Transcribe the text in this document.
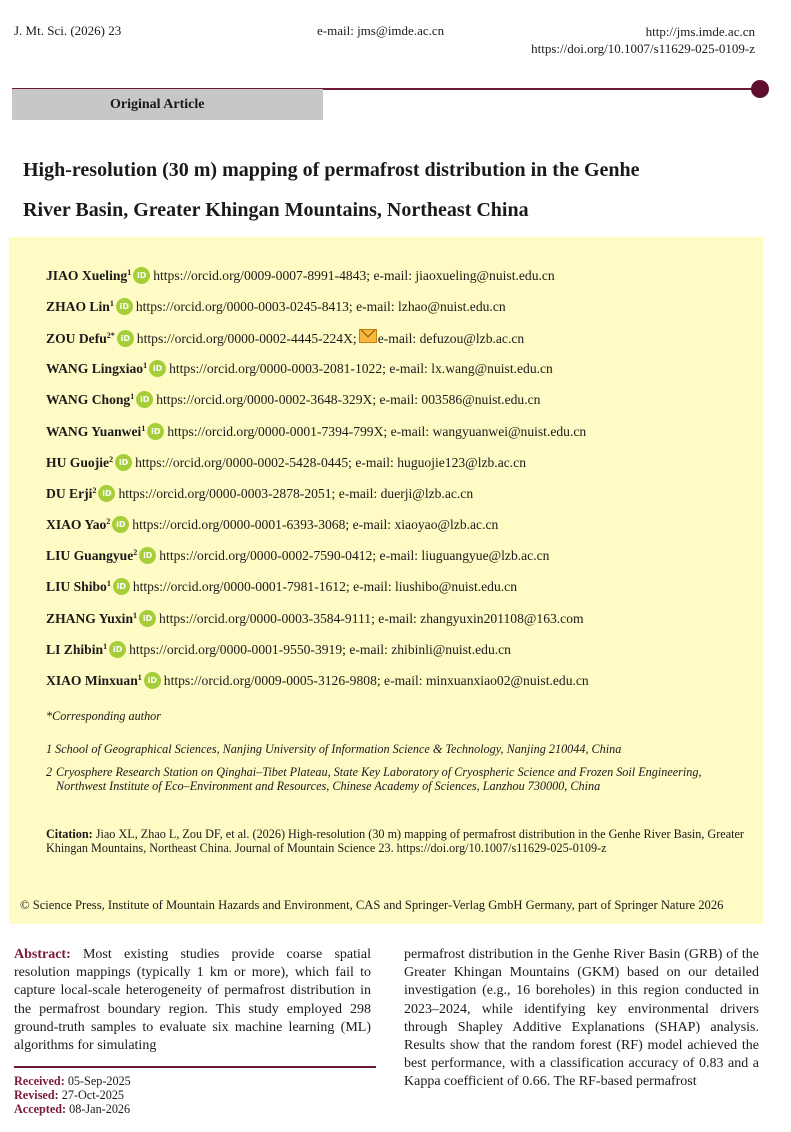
J. Mt. Sci. (2026) 23	e-mail: jms@imde.ac.cn	http://jms.imde.ac.cn
https://doi.org/10.1007/s11629-025-0109-z
Original Article
High-resolution (30 m) mapping of permafrost distribution in the Genhe
River Basin, Greater Khingan Mountains, Northeast China
JIAO Xueling$^1$ iD https://orcid.org/0009-0007-8991-4843; e-mail: jiaoxueling@nuist.edu.cn
ZHAO Lin$^1$ iD https://orcid.org/0000-0003-0245-8413; e-mail: lzhao@nuist.edu.cn
ZOU Defu$^{2*}$ iD https://orcid.org/0000-0002-4445-224X; e-mail: defuzou@lzb.ac.cn
WANG Lingxiao$^1$ iD https://orcid.org/0000-0003-2081-1022; e-mail: lx.wang@nuist.edu.cn
WANG Chong$^1$ iD https://orcid.org/0000-0002-3648-329X; e-mail: 003586@nuist.edu.cn
WANG Yuanwei$^1$ iD https://orcid.org/0000-0001-7394-799X; e-mail: wangyuanwei@nuist.edu.cn
HU Guojie$^2$ iD https://orcid.org/0000-0002-5428-0445; e-mail: huguojie123@lzb.ac.cn
DU Erji$^2$ iD https://orcid.org/0000-0003-2878-2051; e-mail: duerji@lzb.ac.cn
XIAO Yao$^2$ iD https://orcid.org/0000-0001-6393-3068; e-mail: xiaoyao@lzb.ac.cn
LIU Guangyue$^2$ iD https://orcid.org/0000-0002-7590-0412; e-mail: liuguangyue@lzb.ac.cn
LIU Shibo$^1$ iD https://orcid.org/0000-0001-7981-1612; e-mail: liushibo@nuist.edu.cn
ZHANG Yuxin$^1$ iD https://orcid.org/0000-0003-3584-9111; e-mail: zhangyuxin201108@163.com
LI Zhibin$^1$ iD https://orcid.org/0000-0001-9550-3919; e-mail: zhibinli@nuist.edu.cn
XIAO Minxuan$^1$ iD https://orcid.org/0009-0005-3126-9808; e-mail: minxuanxiao02@nuist.edu.cn
*Corresponding author
1 School of Geographical Sciences, Nanjing University of Information Science & Technology, Nanjing 210044, China
2 Cryosphere Research Station on Qinghai–Tibet Plateau, State Key Laboratory of Cryospheric Science and Frozen Soil Engineering, Northwest Institute of Eco–Environment and Resources, Chinese Academy of Sciences, Lanzhou 730000, China
Citation: Jiao XL, Zhao L, Zou DF, et al. (2026) High-resolution (30 m) mapping of permafrost distribution in the Genhe River Basin, Greater Khingan Mountains, Northeast China. Journal of Mountain Science 23. https://doi.org/10.1007/s11629-025-0109-z
© Science Press, Institute of Mountain Hazards and Environment, CAS and Springer-Verlag GmbH Germany, part of Springer Nature 2026
Abstract: Most existing studies provide coarse spatial resolution mappings (typically 1 km or more), which fail to capture local-scale heterogeneity of permafrost distribution in the permafrost boundary region. This study employed 298 ground-truth samples to evaluate six machine learning (ML) algorithms for simulating
permafrost distribution in the Genhe River Basin (GRB) of the Greater Khingan Mountains (GKM) based on our detailed investigation (e.g., 16 boreholes) in this region conducted in 2023–2024, while identifying key environmental drivers through Shapley Additive Explanations (SHAP) analysis. Results show that the random forest (RF) model achieved the best performance, with a classification accuracy of 0.83 and a Kappa coefficient of 0.66. The RF-based permafrost
Received: 05-Sep-2025
Revised: 27-Oct-2025
Accepted: 08-Jan-2026
